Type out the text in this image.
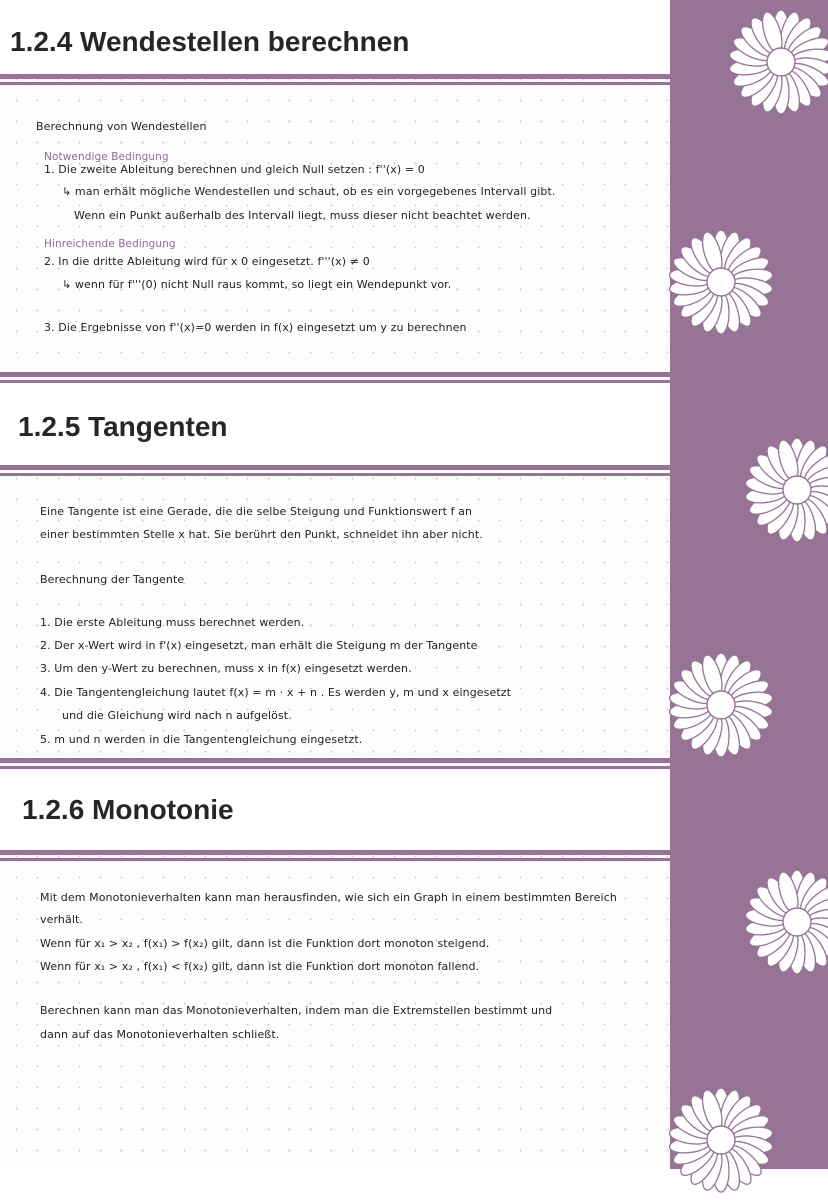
1.2.4 Wendestellen berechnen
Berechnung von Wendestellen
Notwendige Bedingung
1. Die zweite Ableitung berechnen und gleich Null setzen : f''(x) = 0
↳ man erhält mögliche Wendestellen und schaut, ob es ein vorgegebenes Intervall gibt.
Wenn ein Punkt außerhalb des Intervall liegt, muss dieser nicht beachtet werden.
Hinreichende Bedingung
2. In die dritte Ableitung wird für x 0 eingesetzt. f'''(x) ≠ 0
↳ wenn für f'''(0) nicht Null raus kommt, so liegt ein Wendepunkt vor.
3. Die Ergebnisse von f''(x)=0 werden in f(x) eingesetzt um y zu berechnen
1.2.5 Tangenten
Eine Tangente ist eine Gerade, die die selbe Steigung und Funktionswert f an
einer bestimmten Stelle x hat. Sie berührt den Punkt, schneidet ihn aber nicht.
Berechnung der Tangente
1. Die erste Ableitung muss berechnet werden.
2. Der x-Wert wird in f'(x) eingesetzt, man erhält die Steigung m der Tangente
3. Um den y-Wert zu berechnen, muss x in f(x) eingesetzt werden.
4. Die Tangentengleichung lautet f(x) = m · x + n . Es werden y, m und x eingesetzt
und die Gleichung wird nach n aufgelöst.
5. m und n werden in die Tangentengleichung eingesetzt.
1.2.6 Monotonie
Mit dem Monotonieverhalten kann man herausfinden, wie sich ein Graph in einem bestimmten Bereich
verhält.
Wenn für x₁ > x₂ , f(x₁) > f(x₂) gilt, dann ist die Funktion dort monoton steigend.
Wenn für x₁ > x₂ , f(x₁) < f(x₂) gilt, dann ist die Funktion dort monoton fallend.
Berechnen kann man das Monotonieverhalten, indem man die Extremstellen bestimmt und
dann auf das Monotonieverhalten schließt.
